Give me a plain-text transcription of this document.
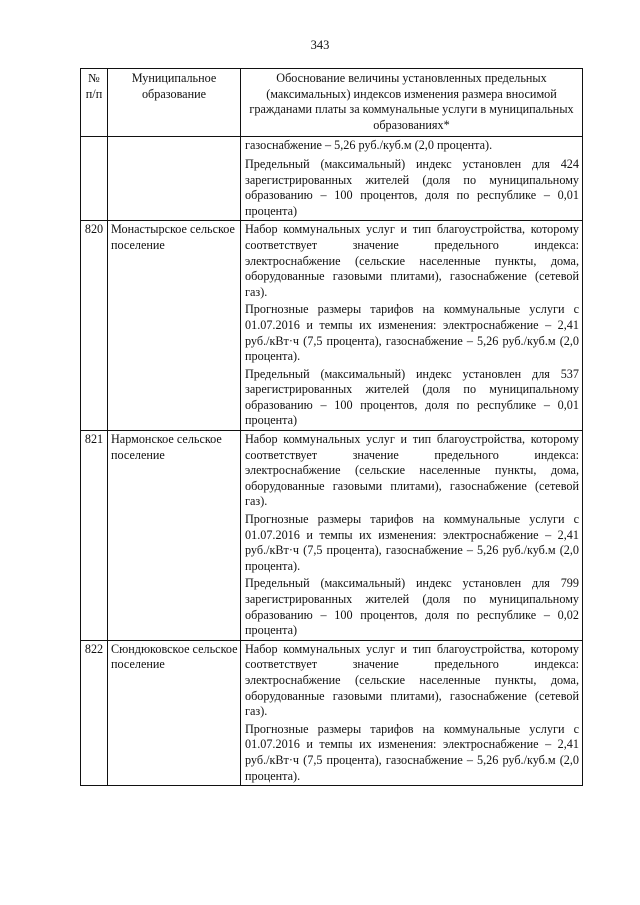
343
№ п/п	Муниципальное образование	Обоснование величины установленных предельных (максимальных) индексов изменения размера вносимой гражданами платы за коммунальные услуги в муниципальных образованиях*

		газоснабжение – 5,26 руб./куб.м (2,0 процента).
Предельный (максимальный) индекс установлен для 424 зарегистрированных жителей (доля по муниципальному образованию – 100 процентов, доля по республике – 0,01 процента)

820	Монастырское сельское поселение	Набор коммунальных услуг и тип благоустройства, которому соответствует значение предельного индекса: электроснабжение (сельские населенные пункты, дома, оборудованные газовыми плитами), газоснабжение (сетевой газ).
Прогнозные размеры тарифов на коммунальные услуги с 01.07.2016 и темпы их изменения: электроснабжение – 2,41 руб./кВт·ч (7,5 процента), газоснабжение – 5,26 руб./куб.м (2,0 процента).
Предельный (максимальный) индекс установлен для 537 зарегистрированных жителей (доля по муниципальному образованию – 100 процентов, доля по республике – 0,01 процента)

821	Нармонское сельское поселение	Набор коммунальных услуг и тип благоустройства, которому соответствует значение предельного индекса: электроснабжение (сельские населенные пункты, дома, оборудованные газовыми плитами), газоснабжение (сетевой газ).
Прогнозные размеры тарифов на коммунальные услуги с 01.07.2016 и темпы их изменения: электроснабжение – 2,41 руб./кВт·ч (7,5 процента), газоснабжение – 5,26 руб./куб.м (2,0 процента).
Предельный (максимальный) индекс установлен для 799 зарегистрированных жителей (доля по муниципальному образованию – 100 процентов, доля по республике – 0,02 процента)

822	Сюндюковское сельское поселение	Набор коммунальных услуг и тип благоустройства, которому соответствует значение предельного индекса: электроснабжение (сельские населенные пункты, дома, оборудованные газовыми плитами), газоснабжение (сетевой газ).
Прогнозные размеры тарифов на коммунальные услуги с 01.07.2016 и темпы их изменения: электроснабжение – 2,41 руб./кВт·ч (7,5 процента), газоснабжение – 5,26 руб./куб.м (2,0 процента).
